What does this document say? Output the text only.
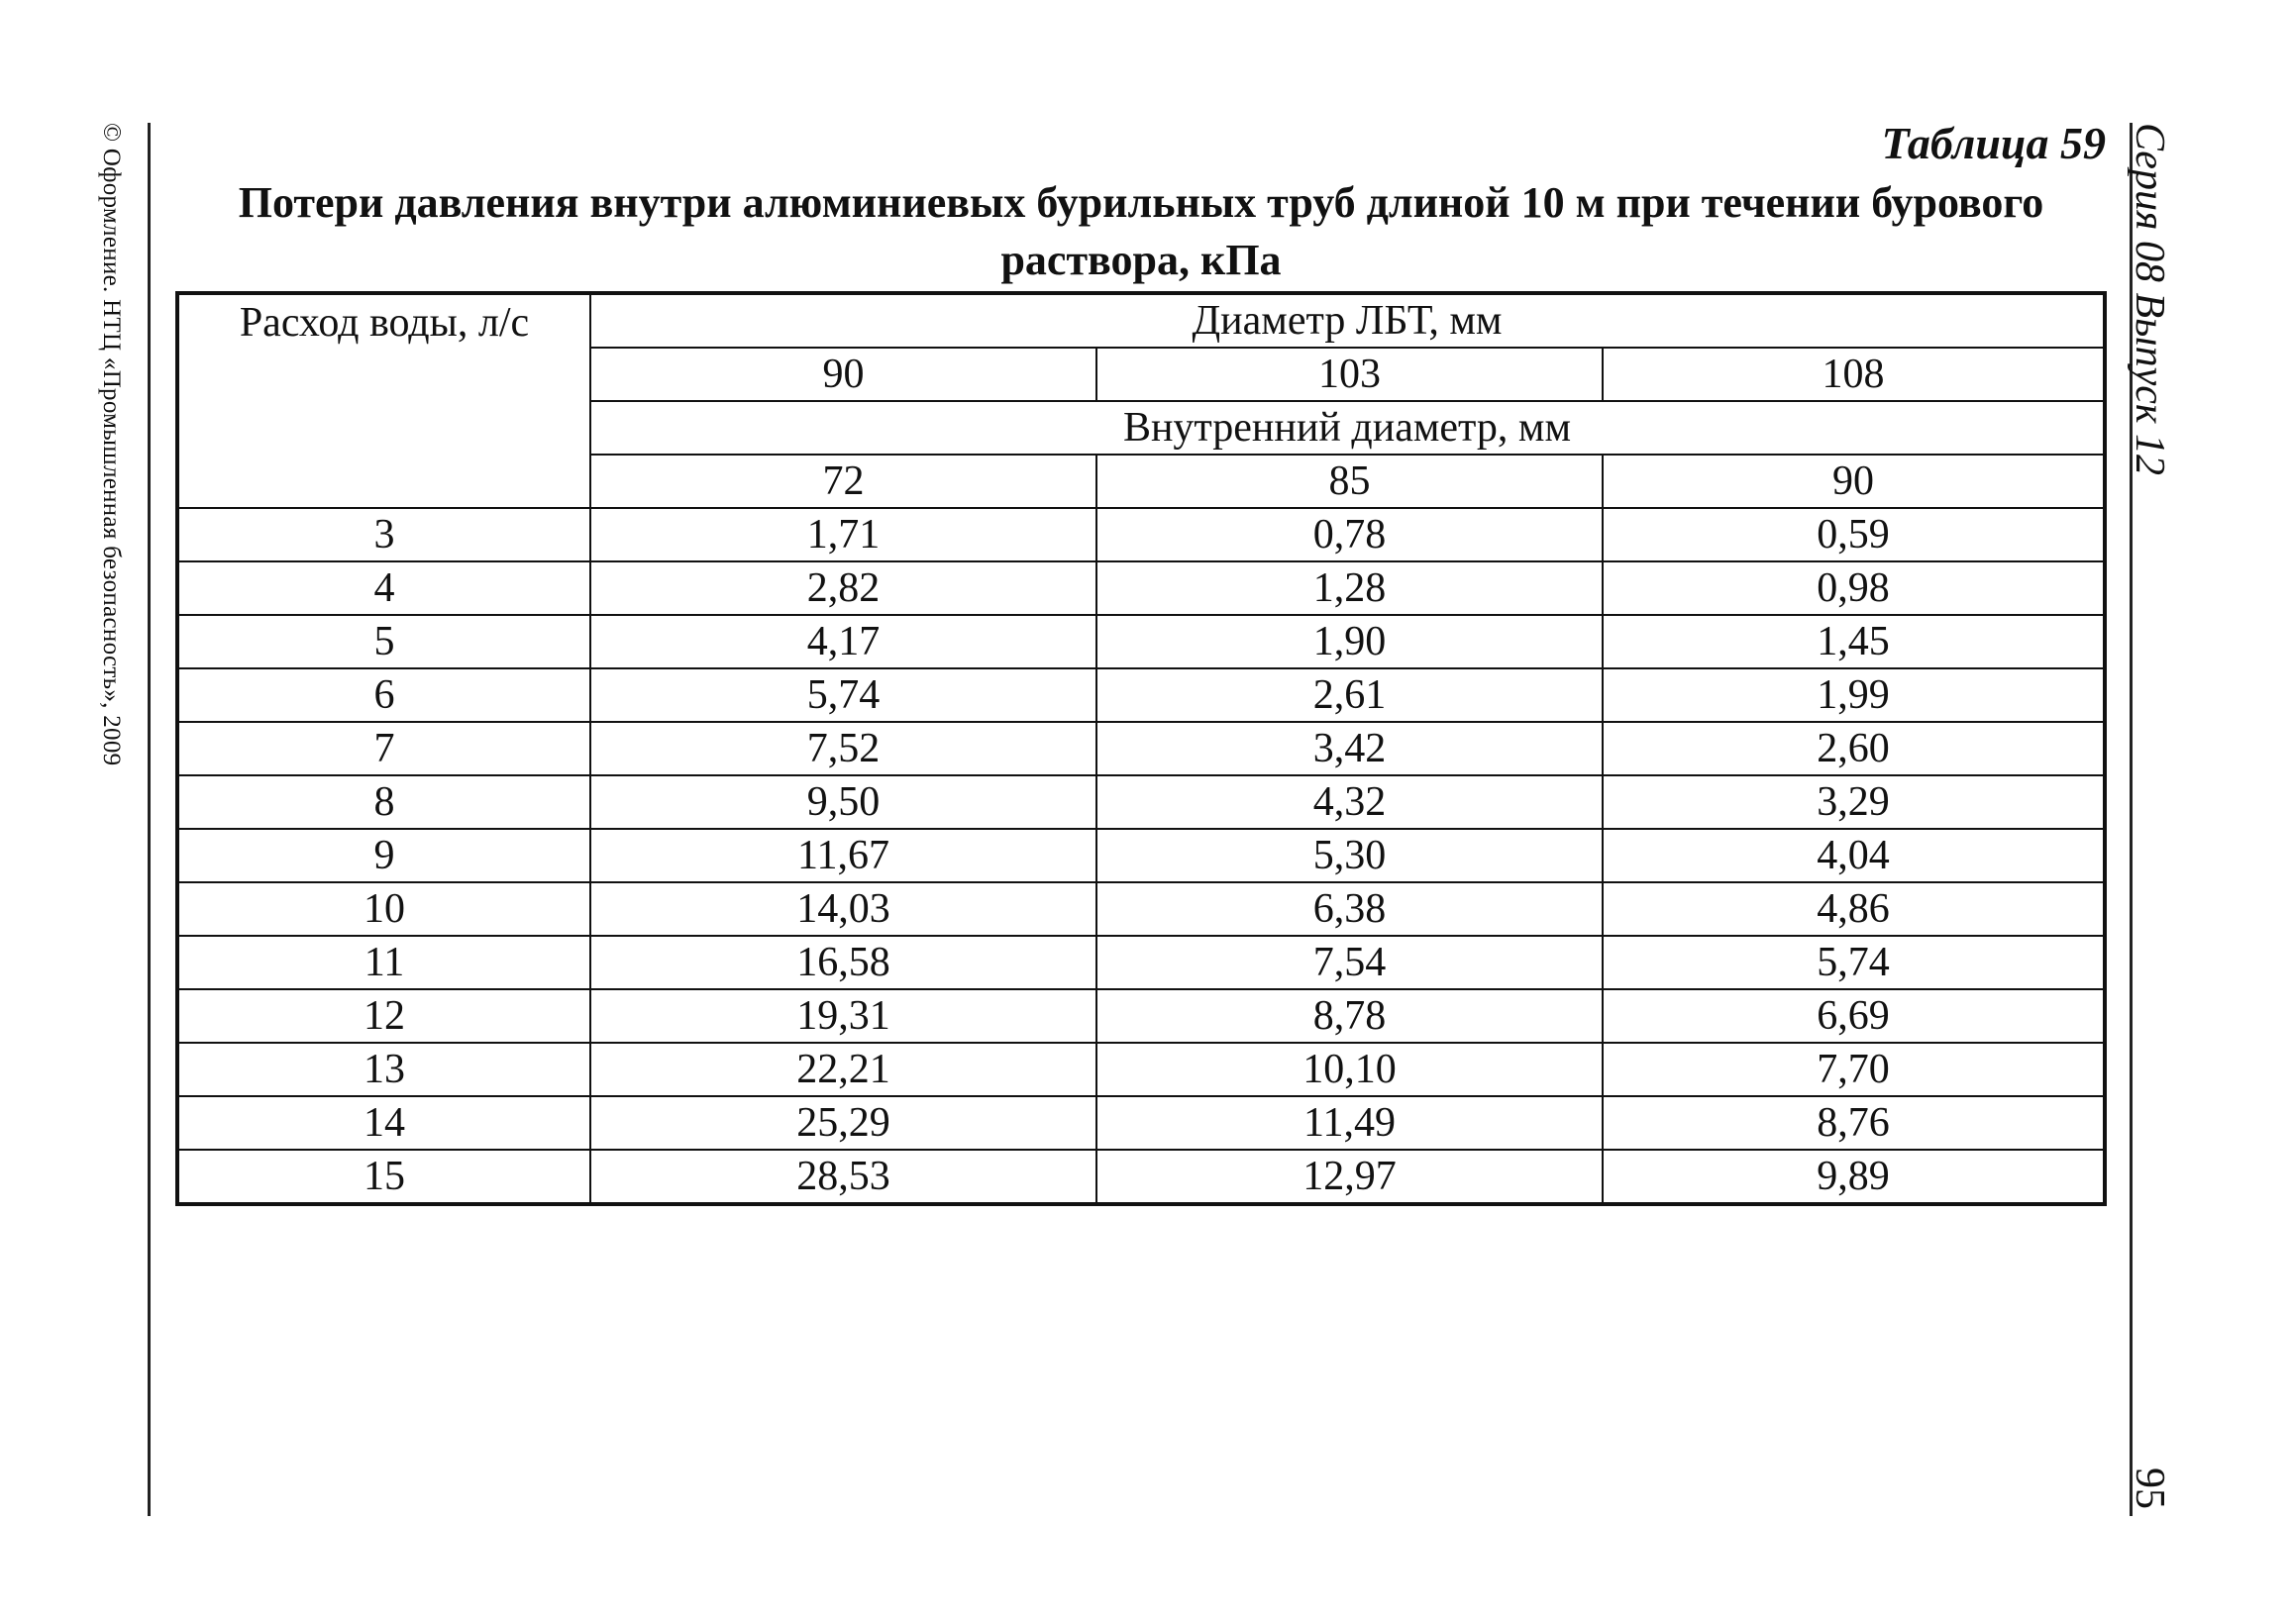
© Оформление. НТЦ «Промышленная безопасность», 2009	Серия 08 Выпуск 12
95
Таблица 59
Потери давления внутри алюминиевых бурильных труб длиной 10 м при течении бурового раствора, кПа
Расход воды, л/с	Диаметр ЛБТ, мм		
	90	103	108
	Внутренний диаметр, мм		
	72	85	90
3	1,71	0,78	0,59
4	2,82	1,28	0,98
5	4,17	1,90	1,45
6	5,74	2,61	1,99
7	7,52	3,42	2,60
8	9,50	4,32	3,29
9	11,67	5,30	4,04
10	14,03	6,38	4,86
11	16,58	7,54	5,74
12	19,31	8,78	6,69
13	22,21	10,10	7,70
14	25,29	11,49	8,76
15	28,53	12,97	9,89
